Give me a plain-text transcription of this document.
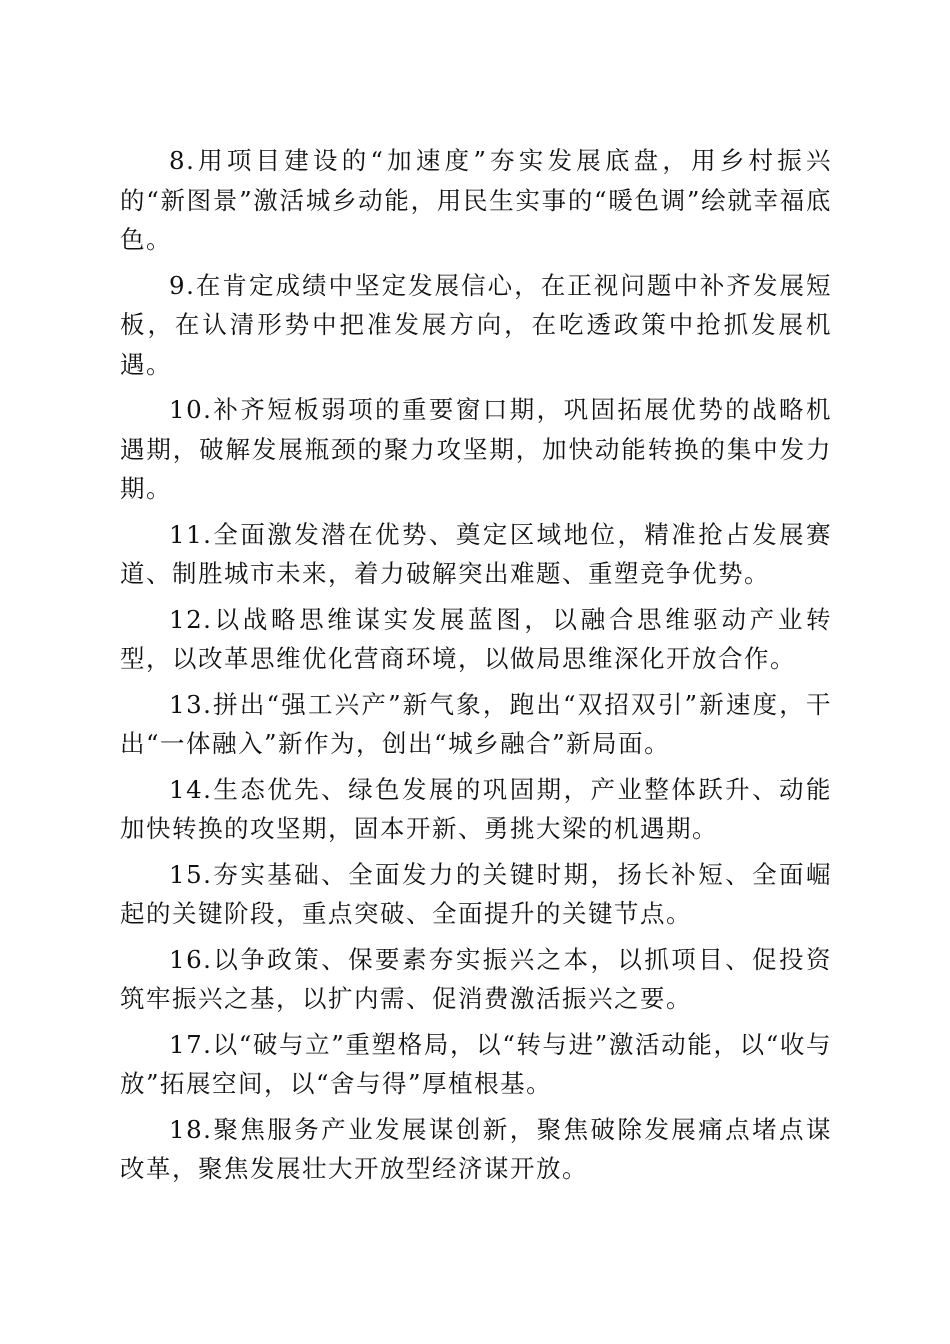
8.用项目建设的“加速度”夯实发展底盘，用乡村振兴的“新图景”激活城乡动能，用民生实事的“暖色调”绘就幸福底色。

9.在肯定成绩中坚定发展信心，在正视问题中补齐发展短板，在认清形势中把准发展方向，在吃透政策中抢抓发展机遇。

10.补齐短板弱项的重要窗口期，巩固拓展优势的战略机遇期，破解发展瓶颈的聚力攻坚期，加快动能转换的集中发力期。

11.全面激发潜在优势、奠定区域地位，精准抢占发展赛道、制胜城市未来，着力破解突出难题、重塑竞争优势。

12.以战略思维谋实发展蓝图，以融合思维驱动产业转型，以改革思维优化营商环境，以做局思维深化开放合作。

13.拼出“强工兴产”新气象，跑出“双招双引”新速度，干出“一体融入”新作为，创出“城乡融合”新局面。

14.生态优先、绿色发展的巩固期，产业整体跃升、动能加快转换的攻坚期，固本开新、勇挑大梁的机遇期。

15.夯实基础、全面发力的关键时期，扬长补短、全面崛起的关键阶段，重点突破、全面提升的关键节点。

16.以争政策、保要素夯实振兴之本，以抓项目、促投资筑牢振兴之基，以扩内需、促消费激活振兴之要。

17.以“破与立”重塑格局，以“转与进”激活动能，以“收与放”拓展空间，以“舍与得”厚植根基。

18.聚焦服务产业发展谋创新，聚焦破除发展痛点堵点谋改革，聚焦发展壮大开放型经济谋开放。
